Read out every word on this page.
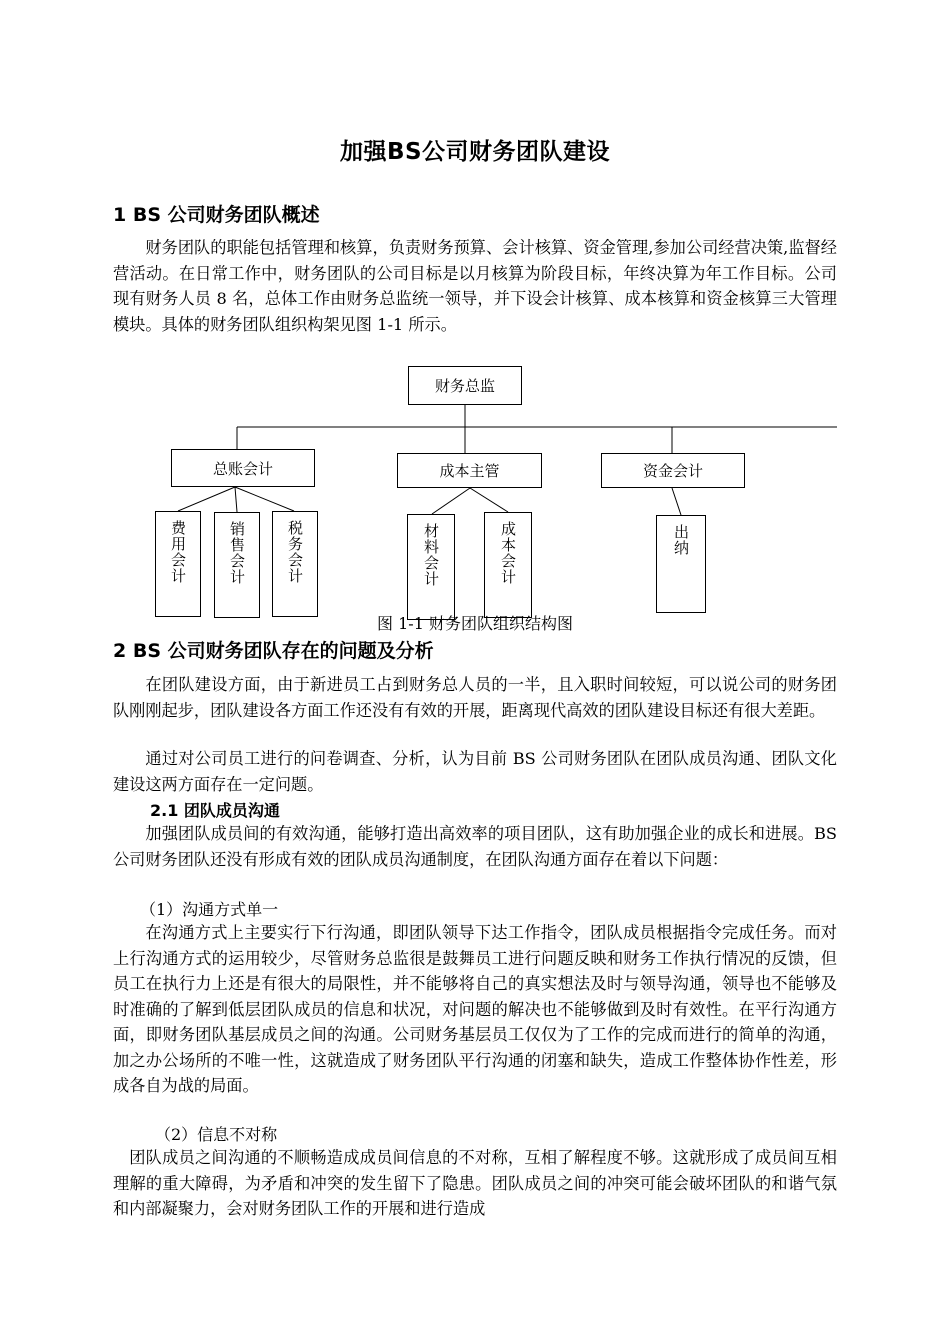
加强BS公司财务团队建设
1 BS 公司财务团队概述

财务团队的职能包括管理和核算，负责财务预算、会计核算、资金管理,参加公司经营决策,监督经营活动。在日常工作中，财务团队的公司目标是以月核算为阶段目标，年终决算为年工作目标。公司现有财务人员 8 名，总体工作由财务总监统一领导，并下设会计核算、成本核算和资金核算三大管理模块。具体的财务团队组织构架见图 1-1 所示。

财务总监
总账会计	成本主管	资金会计
费用会计	销售会计	税务会计	材料会计	成本会计	出纳
图 1-1 财务团队组织结构图
2 BS 公司财务团队存在的问题及分析

在团队建设方面，由于新进员工占到财务总人员的一半，且入职时间较短，可以说公司的财务团队刚刚起步，团队建设各方面工作还没有有效的开展，距离现代高效的团队建设目标还有很大差距。

通过对公司员工进行的问卷调查、分析，认为目前 BS 公司财务团队在团队成员沟通、团队文化建设这两方面存在一定问题。

2.1 团队成员沟通

加强团队成员间的有效沟通，能够打造出高效率的项目团队，这有助加强企业的成长和进展。BS 公司财务团队还没有形成有效的团队成员沟通制度，在团队沟通方面存在着以下问题：

（1）沟通方式单一

在沟通方式上主要实行下行沟通，即团队领导下达工作指令，团队成员根据指令完成任务。而对上行沟通方式的运用较少，尽管财务总监很是鼓舞员工进行问题反映和财务工作执行情况的反馈，但员工在执行力上还是有很大的局限性，并不能够将自己的真实想法及时与领导沟通，领导也不能够及时准确的了解到低层团队成员的信息和状况，对问题的解决也不能够做到及时有效性。在平行沟通方面，即财务团队基层成员之间的沟通。公司财务基层员工仅仅为了工作的完成而进行的简单的沟通，加之办公场所的不唯一性，这就造成了财务团队平行沟通的闭塞和缺失，造成工作整体协作性差，形成各自为战的局面。

（2）信息不对称

团队成员之间沟通的不顺畅造成成员间信息的不对称，互相了解程度不够。这就形成了成员间互相理解的重大障碍，为矛盾和冲突的发生留下了隐患。团队成员之间的冲突可能会破坏团队的和谐气氛和内部凝聚力，会对财务团队工作的开展和进行造成
